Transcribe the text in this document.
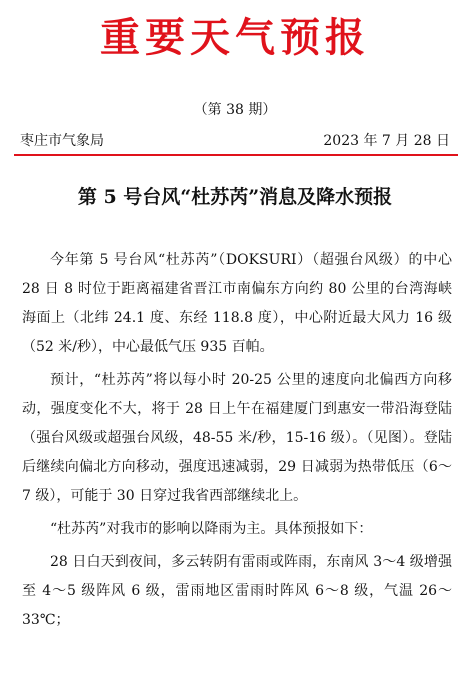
重要天气预报
（第 38 期）
枣庄市气象局	2023 年 7 月 28 日
第 5 号台风“杜苏芮”消息及降水预报

今年第 5 号台风“杜苏芮”（DOKSURI）（超强台风级）的中心 28 日 8 时位于距离福建省晋江市南偏东方向约 80 公里的台湾海峡海面上（北纬 24.1 度、东经 118.8 度），中心附近最大风力 16 级（52 米/秒），中心最低气压 935 百帕。

预计，“杜苏芮”将以每小时 20-25 公里的速度向北偏西方向移动，强度变化不大，将于 28 日上午在福建厦门到惠安一带沿海登陆（强台风级或超强台风级，48-55 米/秒，15-16 级）。（见图）。登陆后继续向偏北方向移动，强度迅速减弱，29 日减弱为热带低压（6～7 级），可能于 30 日穿过我省西部继续北上。

“杜苏芮”对我市的影响以降雨为主。具体预报如下：

28 日白天到夜间，多云转阴有雷雨或阵雨，东南风 3～4 级增强至 4～5 级阵风 6 级，雷雨地区雷雨时阵风 6～8 级，气温 26～33℃；
